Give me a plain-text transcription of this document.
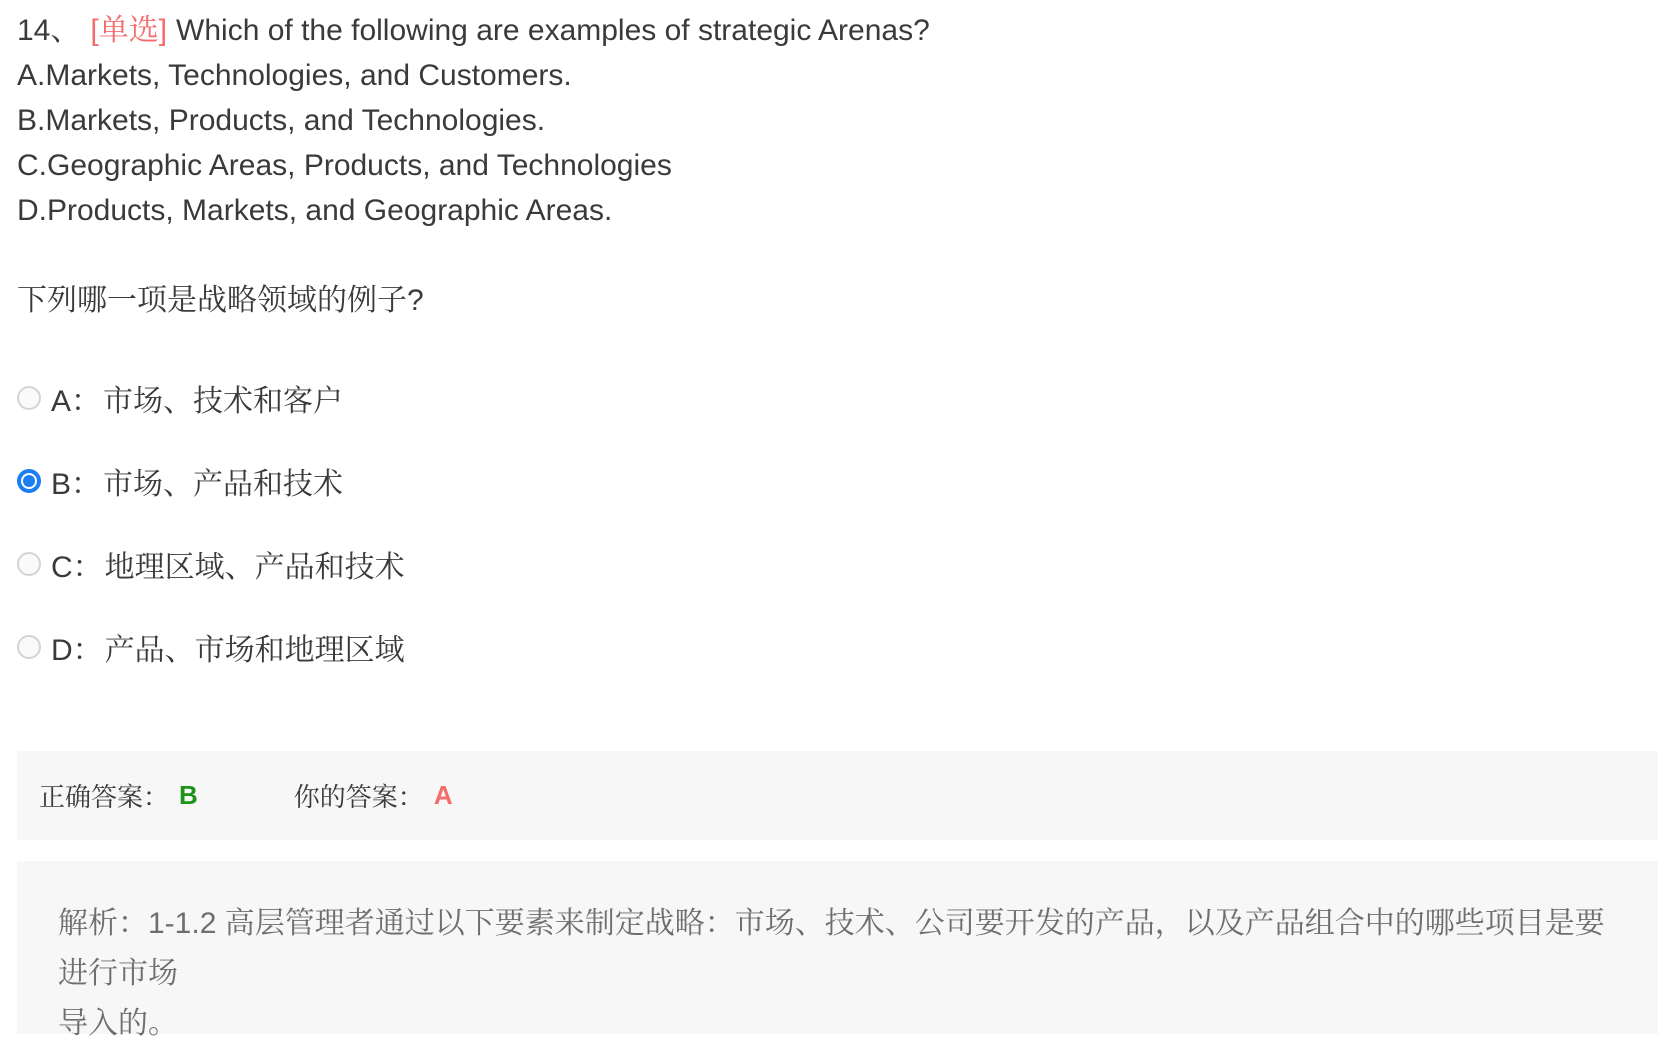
14、 [单选] Which of the following are examples of strategic Arenas?
A.Markets, Technologies, and Customers.
B.Markets, Products, and Technologies.
C.Geographic Areas, Products, and Technologies
D.Products, Markets, and Geographic Areas.
下列哪一项是战略领域的例子?
A： 市场、技术和客户
B： 市场、产品和技术
C： 地理区域、产品和技术
D： 产品、市场和地理区域
正确答案： B	你的答案： A
解析：1-1.2 高层管理者通过以下要素来制定战略：市场、技术、公司要开发的产品，以及产品组合中的哪些项目是要进行市场
导入的。
